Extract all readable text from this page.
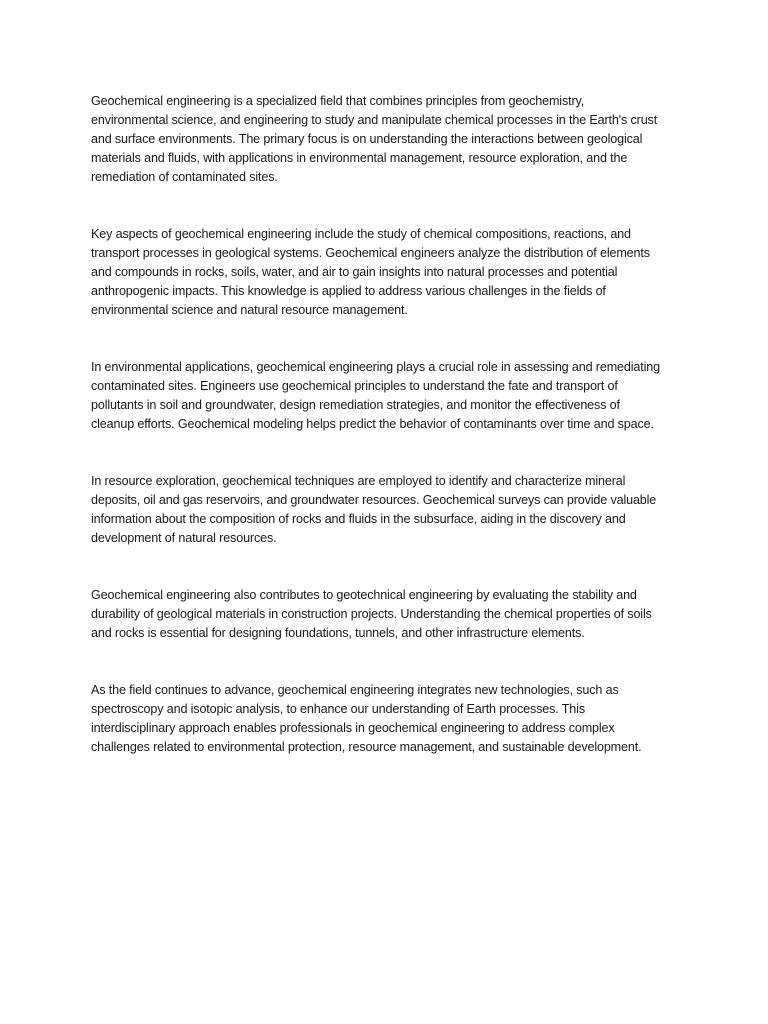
Geochemical engineering is a specialized field that combines principles from geochemistry,
environmental science, and engineering to study and manipulate chemical processes in the Earth's crust
and surface environments. The primary focus is on understanding the interactions between geological
materials and fluids, with applications in environmental management, resource exploration, and the
remediation of contaminated sites.

Key aspects of geochemical engineering include the study of chemical compositions, reactions, and
transport processes in geological systems. Geochemical engineers analyze the distribution of elements
and compounds in rocks, soils, water, and air to gain insights into natural processes and potential
anthropogenic impacts. This knowledge is applied to address various challenges in the fields of
environmental science and natural resource management.

In environmental applications, geochemical engineering plays a crucial role in assessing and remediating
contaminated sites. Engineers use geochemical principles to understand the fate and transport of
pollutants in soil and groundwater, design remediation strategies, and monitor the effectiveness of
cleanup efforts. Geochemical modeling helps predict the behavior of contaminants over time and space.

In resource exploration, geochemical techniques are employed to identify and characterize mineral
deposits, oil and gas reservoirs, and groundwater resources. Geochemical surveys can provide valuable
information about the composition of rocks and fluids in the subsurface, aiding in the discovery and
development of natural resources.

Geochemical engineering also contributes to geotechnical engineering by evaluating the stability and
durability of geological materials in construction projects. Understanding the chemical properties of soils
and rocks is essential for designing foundations, tunnels, and other infrastructure elements.

As the field continues to advance, geochemical engineering integrates new technologies, such as
spectroscopy and isotopic analysis, to enhance our understanding of Earth processes. This
interdisciplinary approach enables professionals in geochemical engineering to address complex
challenges related to environmental protection, resource management, and sustainable development.
